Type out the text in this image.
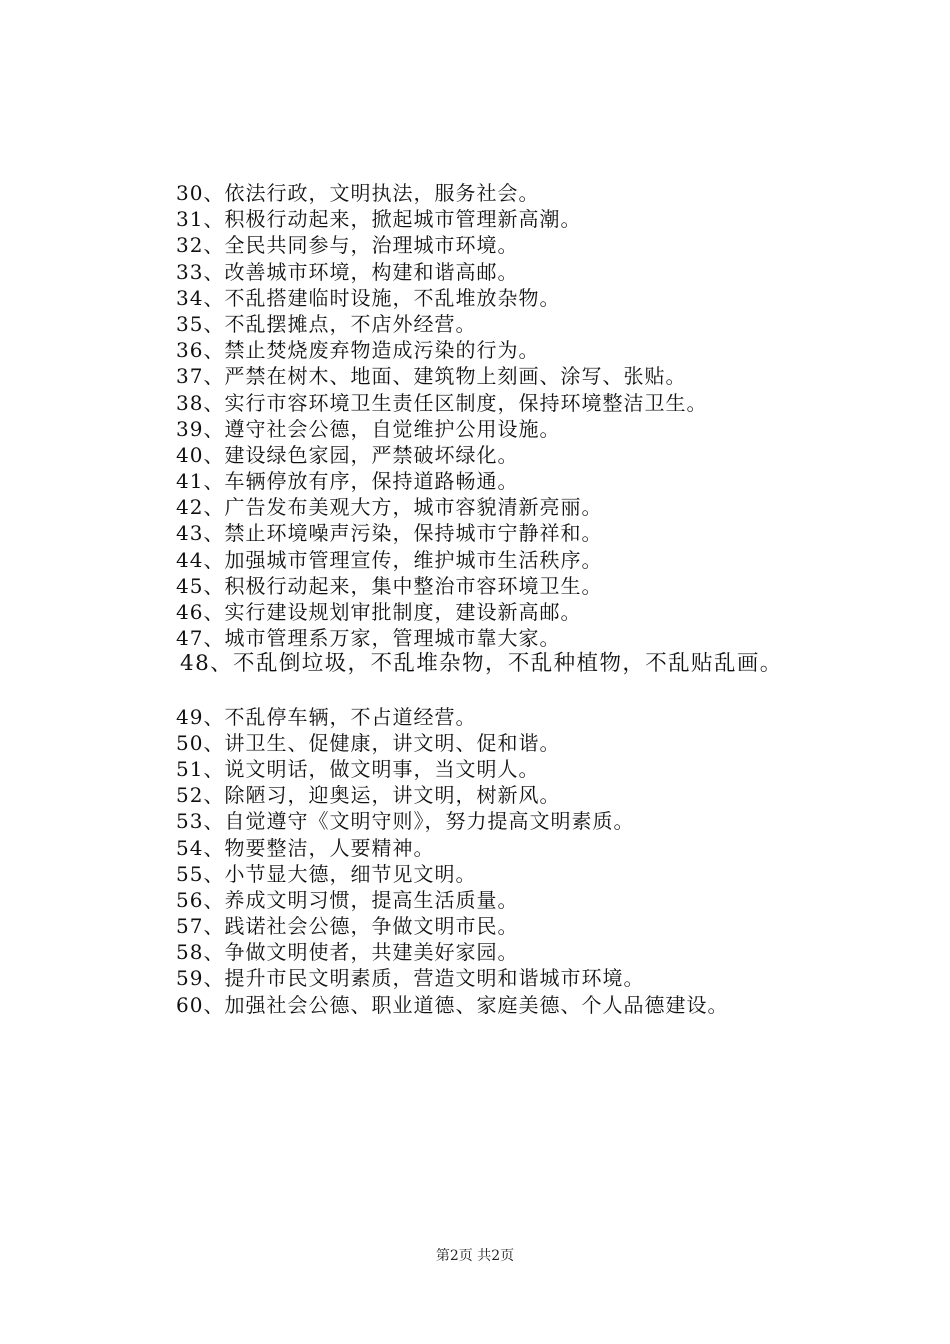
30、依法行政，文明执法，服务社会。
31、积极行动起来，掀起城市管理新高潮。
32、全民共同参与，治理城市环境。
33、改善城市环境，构建和谐高邮。
34、不乱搭建临时设施，不乱堆放杂物。
35、不乱摆摊点，不店外经营。
36、禁止焚烧废弃物造成污染的行为。
37、严禁在树木、地面、建筑物上刻画、涂写、张贴。
38、实行市容环境卫生责任区制度，保持环境整洁卫生。
39、遵守社会公德，自觉维护公用设施。
40、建设绿色家园，严禁破坏绿化。
41、车辆停放有序，保持道路畅通。
42、广告发布美观大方，城市容貌清新亮丽。
43、禁止环境噪声污染，保持城市宁静祥和。
44、加强城市管理宣传，维护城市生活秩序。
45、积极行动起来，集中整治市容环境卫生。
46、实行建设规划审批制度，建设新高邮。
47、城市管理系万家，管理城市靠大家。
48、不乱倒垃圾，不乱堆杂物，不乱种植物，不乱贴乱画。
49、不乱停车辆，不占道经营。
50、讲卫生、促健康，讲文明、促和谐。
51、说文明话，做文明事，当文明人。
52、除陋习，迎奥运，讲文明，树新风。
53、自觉遵守《文明守则》，努力提高文明素质。
54、物要整洁，人要精神。
55、小节显大德，细节见文明。
56、养成文明习惯，提高生活质量。
57、践诺社会公德，争做文明市民。
58、争做文明使者，共建美好家园。
59、提升市民文明素质，营造文明和谐城市环境。
60、加强社会公德、职业道德、家庭美德、个人品德建设。
第2页 共2页
